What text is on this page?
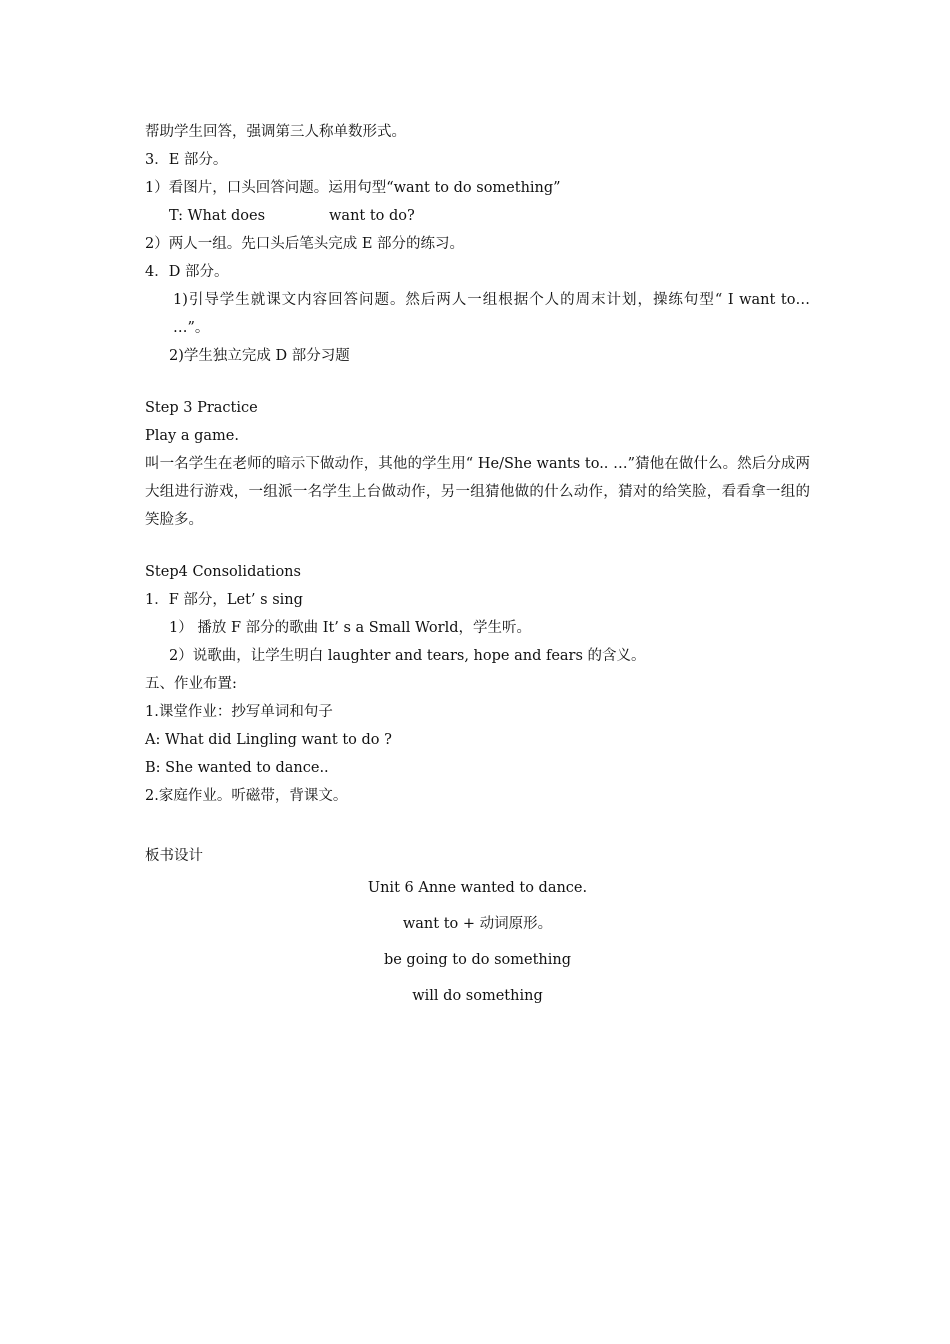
帮助学生回答，强调第三人称单数形式。
3．E 部分。
1）看图片，口头回答问题。运用句型“want to do something”
T: What does	want to do?
2）两人一组。先口头后笔头完成 E 部分的练习。
4．D 部分。
1)引导学生就课文内容回答问题。然后两人一组根据个人的周末计划，操练句型“ I want to… …”。
2)学生独立完成 D 部分习题
Step 3 Practice
Play a game.
叫一名学生在老师的暗示下做动作，其他的学生用“ He/She wants to.. …”猜他在做什么。然后分成两大组进行游戏，一组派一名学生上台做动作，另一组猜他做的什么动作，猜对的给笑脸，看看拿一组的笑脸多。
Step4 Consolidations
1．F 部分，Let’ s sing
1） 播放 F 部分的歌曲 It’ s a Small World，学生听。
2）说歌曲，让学生明白 laughter and tears, hope and fears 的含义。
五、作业布置:
1.课堂作业：抄写单词和句子
A: What did Lingling want to do ?
B: She wanted to dance..
2.家庭作业。听磁带，背课文。
板书设计
Unit 6 Anne wanted to dance.
want to + 动词原形。
be going to do something
will do something
